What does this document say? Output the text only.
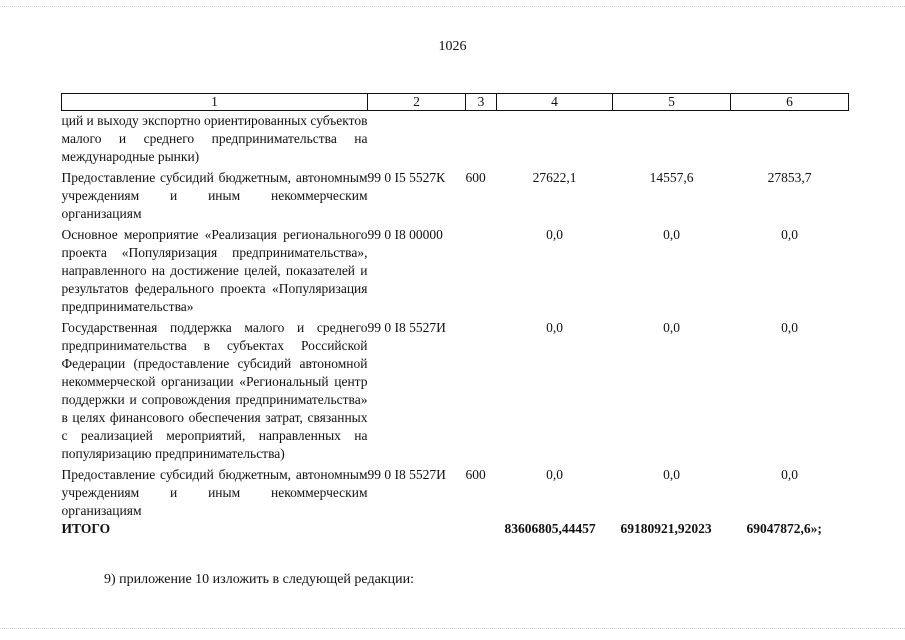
1026
1	2	3	4	5	6
ций и выходу экспортно ориентированных субъектов малого и среднего предпринимательства на международные рынки)					
Предоставление субсидий бюджетным, автономным учреждениям и иным некоммерческим организациям	99 0 I5 5527К	600	27622,1	14557,6	27853,7
Основное мероприятие «Реализация регионального проекта «Популяризация предпринимательства», направленного на достижение целей, показателей и результатов федерального проекта «Популяризация предпринимательства»	99 0 I8 00000		0,0	0,0	0,0
Государственная поддержка малого и среднего предпринимательства в субъектах Российской Федерации (предоставление субсидий автономной некоммерческой организации «Региональный центр поддержки и сопровождения предпринимательства» в целях финансового обеспечения затрат, связанных с реализацией мероприятий, направленных на популяризацию предпринимательства)	99 0 I8 5527И		0,0	0,0	0,0
Предоставление субсидий бюджетным, автономным учреждениям и иным некоммерческим организациям	99 0 I8 5527И	600	0,0	0,0	0,0
ИТОГО			83606805,44457	69180921,92023	69047872,6»;
9) приложение 10 изложить в следующей редакции:
